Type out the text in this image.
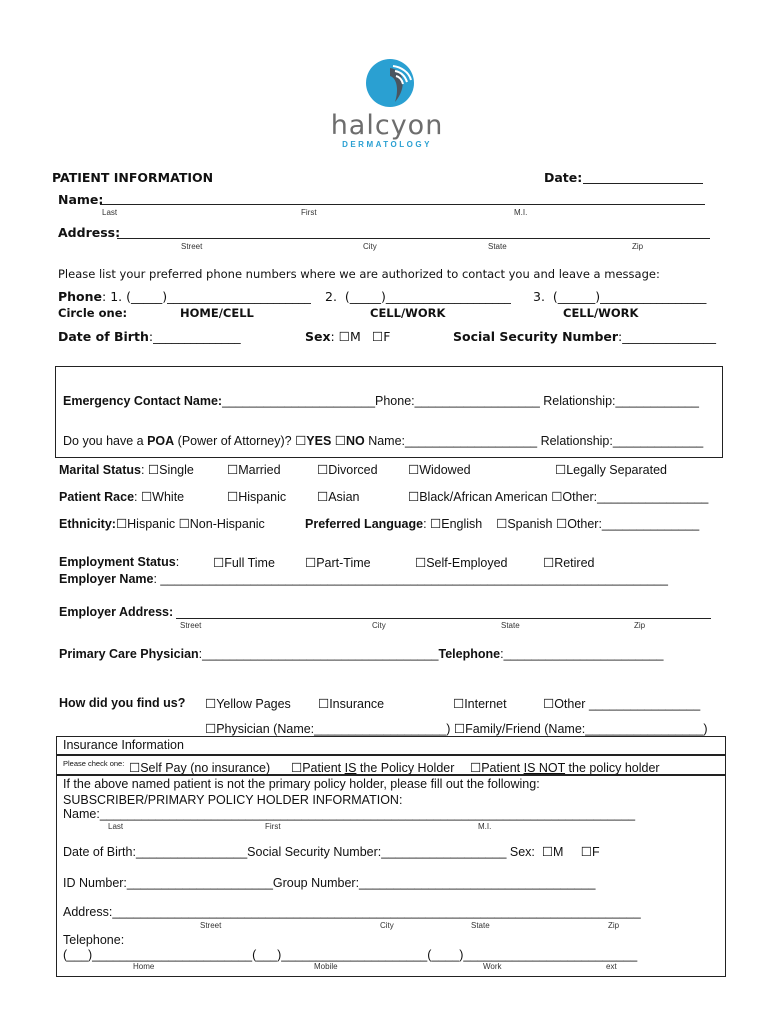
halcyon
DERMATOLOGY
PATIENT INFORMATION	Date:
Name:
Last	First	M.I.
Address:
Street	City	State	Zip
Please list your preferred phone numbers where we are authorized to contact you and leave a message:
Phone: 1. (_____)_______________________ 2.  (_____)____________________ 3.  (______)_________________
Circle one:	HOME/CELL	CELL/WORK	CELL/WORK
Date of Birth:______________	Sex: ☐M ☐F	Social Security Number:_______________
Emergency Contact Name:______________________Phone:__________________ Relationship:____________
Do you have a POA (Power of Attorney)? ☐YES ☐NO Name:___________________ Relationship:_____________
Marital Status: ☐Single	☐Married	☐Divorced ☐Widowed	☐Legally Separated
Patient Race: ☐White	☐Hispanic ☐Asian	☐Black/African American ☐Other:________________
Ethnicity:☐Hispanic ☐Non-Hispanic	Preferred Language: ☐English    ☐Spanish ☐Other:______________
Employment Status:	☐Full Time ☐Part-Time	☐Self-Employed	☐Retired
Employer Name: _________________________________________________________________________
Employer Address:
Street	City	State	Zip
Primary Care Physician:__________________________________Telephone:_______________________
How did you find us? ☐Yellow Pages ☐Insurance	☐Internet	☐Other ________________
☐Physician (Name:___________________) ☐Family/Friend (Name:_________________)
Insurance Information
Please check one: ☐Self Pay (no insurance) ☐Patient IS the Policy Holder ☐Patient IS NOT the policy holder
If the above named patient is not the primary policy holder, please fill out the following:
SUBSCRIBER/PRIMARY POLICY HOLDER INFORMATION:
Name:_____________________________________________________________________________
Last	First	M.I.
Date of Birth:________________Social Security Number:__________________ Sex:  ☐M     ☐F
ID Number:_____________________Group Number:__________________________________
Address:____________________________________________________________________________
Street	City	State	Zip
Telephone:
(___)_______________________(___)_____________________(____)_________________________
Home	Mobile	Work	ext
